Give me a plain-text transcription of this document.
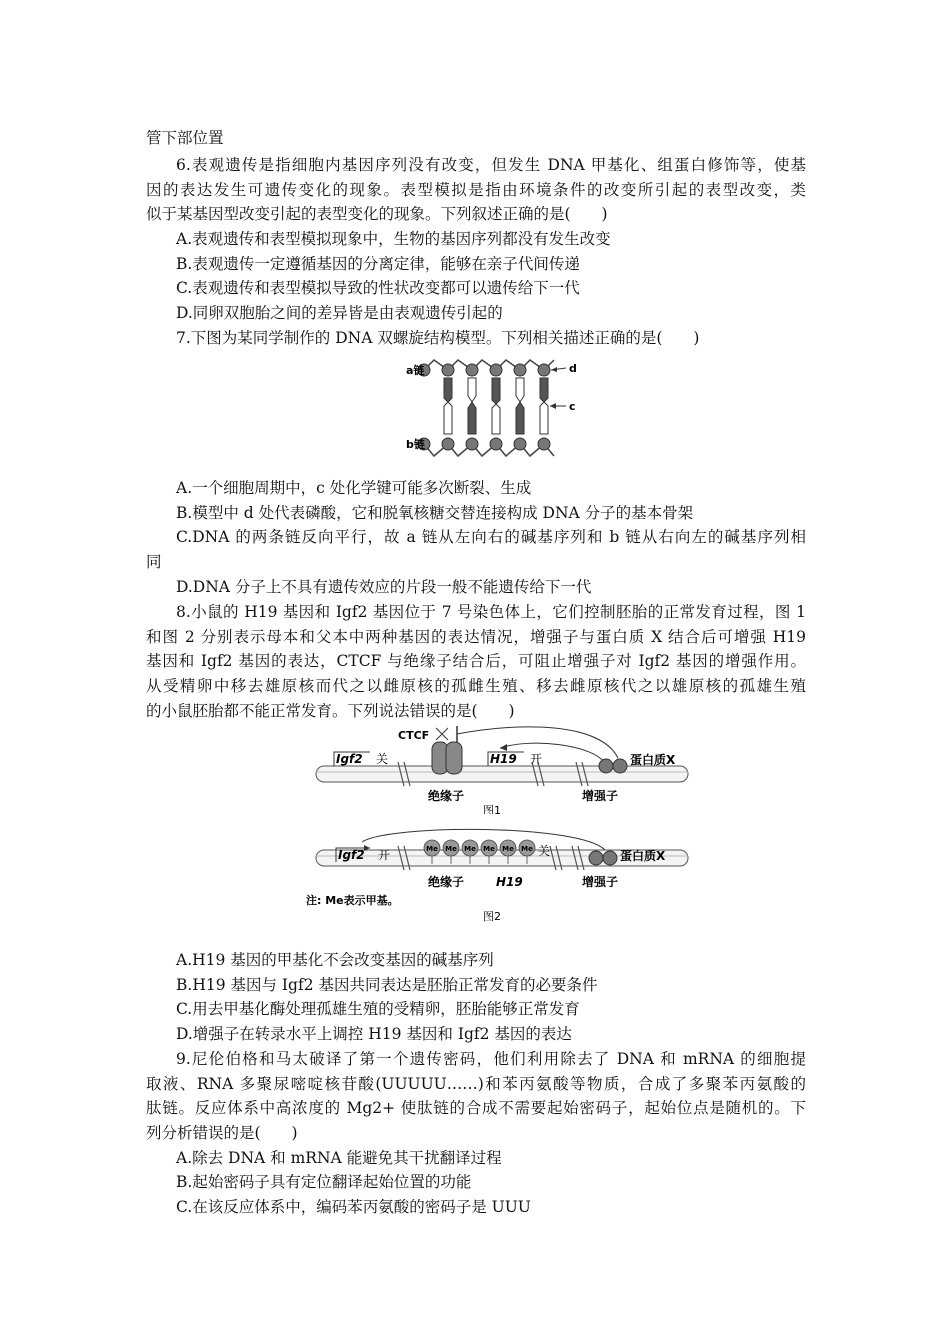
管下部位置
6.表观遗传是指细胞内基因序列没有改变，但发生 DNA 甲基化、组蛋白修饰等，使基
因的表达发生可遗传变化的现象。表型模拟是指由环境条件的改变所引起的表型改变，类
似于某基因型改变引起的表型变化的现象。下列叙述正确的是(　　)
A.表观遗传和表型模拟现象中，生物的基因序列都没有发生改变
B.表观遗传一定遵循基因的分离定律，能够在亲子代间传递
C.表观遗传和表型模拟导致的性状改变都可以遗传给下一代
D.同卵双胞胎之间的差异皆是由表观遗传引起的
7.下图为某同学制作的 DNA 双螺旋结构模型。下列相关描述正确的是(　　)
a链
b链
d
c
A.一个细胞周期中，c 处化学键可能多次断裂、生成
B.模型中 d 处代表磷酸，它和脱氧核糖交替连接构成 DNA 分子的基本骨架
C.DNA 的两条链反向平行，故 a 链从左向右的碱基序列和 b 链从右向左的碱基序列相
同
D.DNA 分子上不具有遗传效应的片段一般不能遗传给下一代
8.小鼠的 H19 基因和 Igf2 基因位于 7 号染色体上，它们控制胚胎的正常发育过程，图 1
和图 2 分别表示母本和父本中两种基因的表达情况，增强子与蛋白质 X 结合后可增强 H19
基因和 Igf2 基因的表达，CTCF 与绝缘子结合后，可阻止增强子对 Igf2 基因的增强作用。
从受精卵中移去雄原核而代之以雌原核的孤雌生殖、移去雌原核代之以雄原核的孤雄生殖
的小鼠胚胎都不能正常发育。下列说法错误的是(　　)
Igf2 关
CTCF
H19 开	蛋白质X
绝缘子	增强子
图1
Igf2 开	Me Me Me Me Me Me 关	蛋白质X
绝缘子	H19	增强子
注: Me表示甲基。
图2
A.H19 基因的甲基化不会改变基因的碱基序列
B.H19 基因与 Igf2 基因共同表达是胚胎正常发育的必要条件
C.用去甲基化酶处理孤雄生殖的受精卵，胚胎能够正常发育
D.增强子在转录水平上调控 H19 基因和 Igf2 基因的表达
9.尼伦伯格和马太破译了第一个遗传密码，他们利用除去了 DNA 和 mRNA 的细胞提
取液、RNA 多聚尿嘧啶核苷酸(UUUUU……)和苯丙氨酸等物质，合成了多聚苯丙氨酸的
肽链。反应体系中高浓度的 Mg2+ 使肽链的合成不需要起始密码子，起始位点是随机的。下
列分析错误的是(　　)
A.除去 DNA 和 mRNA 能避免其干扰翻译过程
B.起始密码子具有定位翻译起始位置的功能
C.在该反应体系中，编码苯丙氨酸的密码子是 UUU
